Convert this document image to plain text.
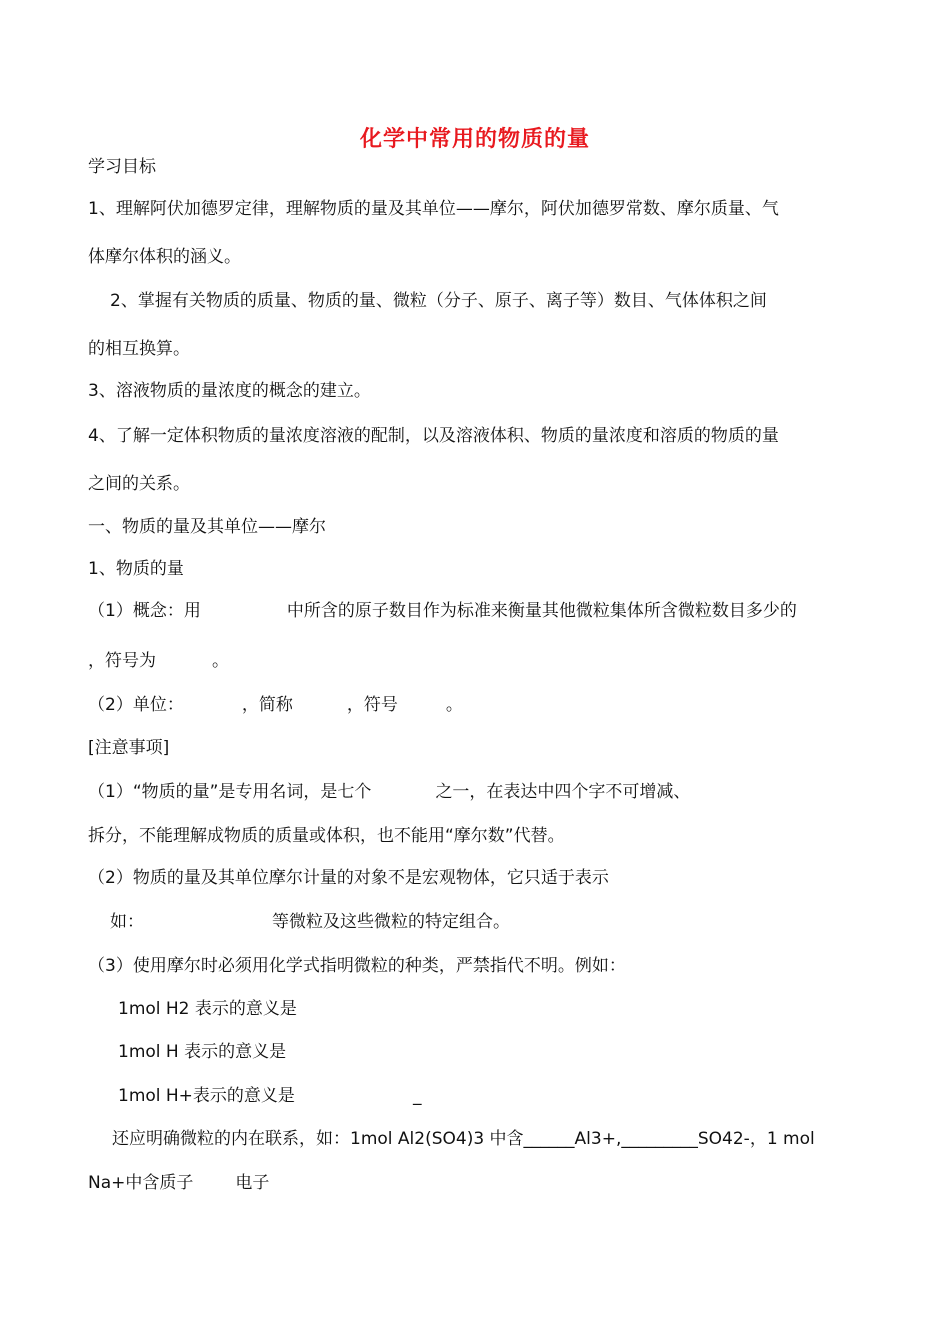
化学中常用的物质的量
学习目标
1、理解阿伏加德罗定律，理解物质的量及其单位——摩尔，阿伏加德罗常数、摩尔质量、气
体摩尔体积的涵义。
2、掌握有关物质的质量、物质的量、微粒（分子、原子、离子等）数目、气体体积之间
的相互换算。
3、溶液物质的量浓度的概念的建立。
4、了解一定体积物质的量浓度溶液的配制，以及溶液体积、物质的量浓度和溶质的物质的量
之间的关系。
一、物质的量及其单位——摩尔
1、物质的量
（1）概念：用	中所含的原子数目作为标准来衡量其他微粒集体所含微粒数目多少的
，符号为	。
（2）单位：	，简称	，符号	。
[注意事项]
（1）“物质的量”是专用名词，是七个	之一，在表达中四个字不可增减、
拆分，不能理解成物质的质量或体积，也不能用“摩尔数”代替。
（2）物质的量及其单位摩尔计量的对象不是宏观物体，它只适于表示
如：	等微粒及这些微粒的特定组合。
（3）使用摩尔时必须用化学式指明微粒的种类，严禁指代不明。例如：
1mol H2 表示的意义是
1mol H 表示的意义是
1mol H+表示的意义是	_
还应明确微粒的内在联系，如：1mol Al2(SO4)3 中含______Al3+,_________SO42-，1 mol
Na+中含质子 电子
